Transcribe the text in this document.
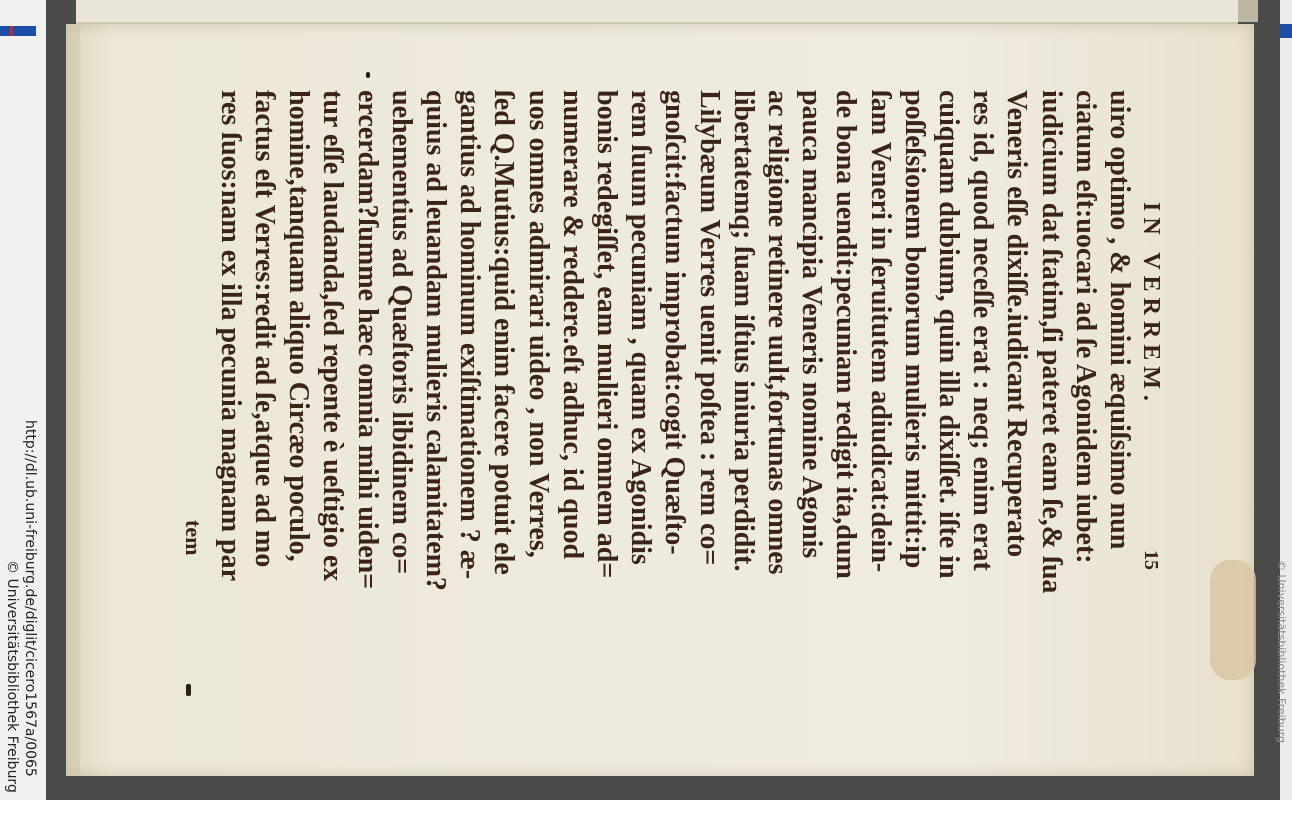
http://dl.ub.uni-freiburg.de/diglit/cicero1567a/0065
© Universitätsbibliothek Freiburg
IN VERREM.
15
uiro optimo , & homini æquiſsimo nun
ciatum eſt:uocari ad ſe Agonidem iubet:
iudicium dat ſtatim,ſi pateret eam ſe,& ſua
Veneris eſſe dixiſſe.iudicant Recuperato
res id, quod neceſſe erat : neq; enim erat
cuiquam dubium, quin illa dixiſſet. iſte in
poſſeſsionem bonorum mulieris mittit:ip
ſam Veneri in ſeruitutem adiudicat:dein-
de bona uendit:pecuniam redigit ita,dum
pauca mancipia Veneris nomine Agonis
ac religione retinere uult,fortunas omnes
libertatemq; ſuam iſtius iniuria perdidit.
Lilybæum Verres uenit poſtea : rem co=
gnoſcit:factum improbat:cogit Quæſto-
rem ſuum pecuniam , quam ex Agonidis
bonis redegiſſet, eam mulieri omnem ad=
numerare & reddere.eſt adhuc, id quod
uos omnes admirari uideo , non Verres,
ſed Q.Mutius:quid enim facere potuit ele
gantius ad hominum exiſtimationem ? æ-
quius ad leuandam mulieris calamitatem?
uehementius ad Quæſtoris libidinem co=
ercerdam?ſumme hæc omnia mihi uiden=
tur eſſe laudanda,ſed repente è ueſtigio ex
homine,tanquam aliquo Circæo poculo,
factus eſt Verres:redit ad ſe,atque ad mo
res ſuos:nam ex illa pecunia magnam par
tem
© Universitätsbibliothek Freiburg
